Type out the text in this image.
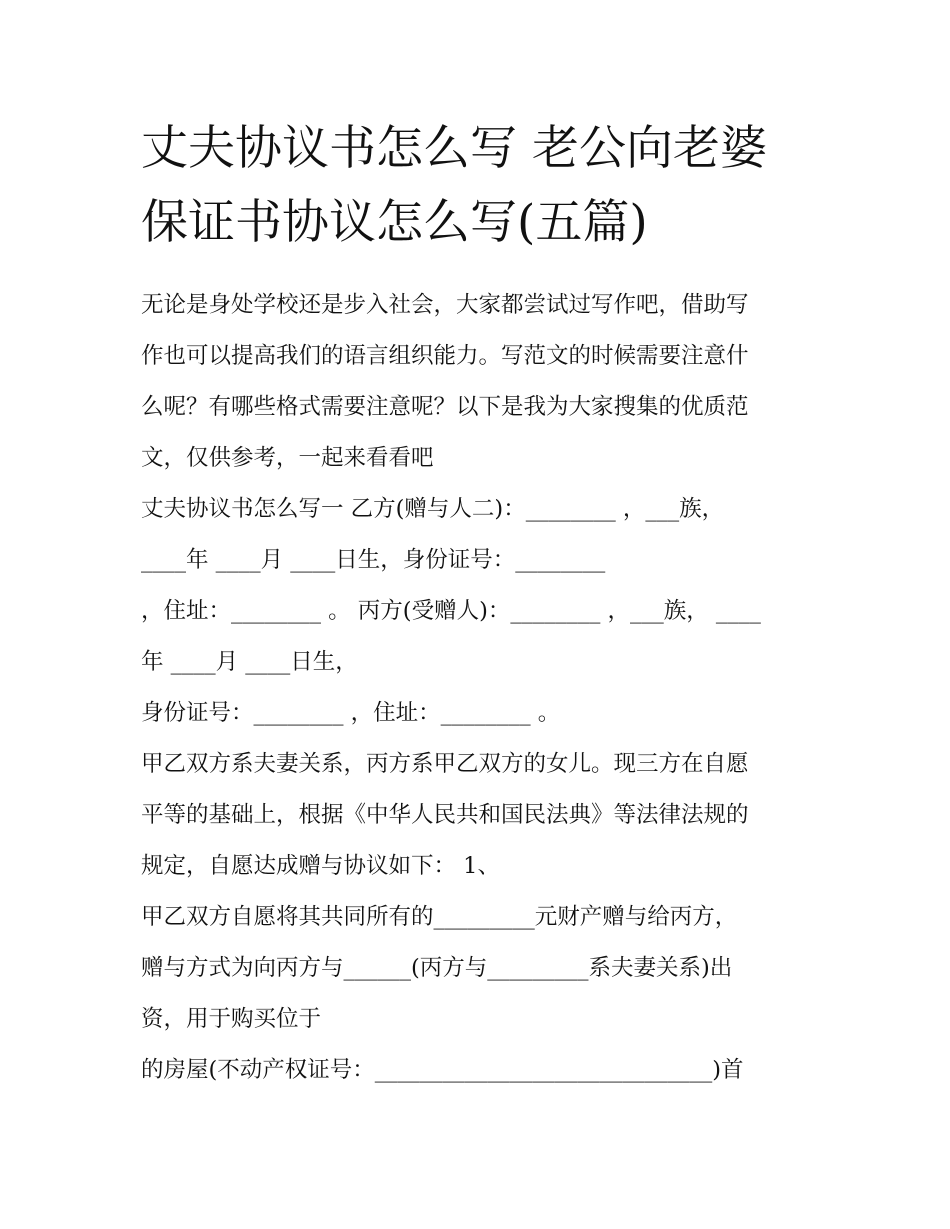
丈夫协议书怎么写 老公向老婆
保证书协议怎么写(五篇)

无论是身处学校还是步入社会，大家都尝试过写作吧，借助写
作也可以提高我们的语言组织能力。写范文的时候需要注意什
么呢？有哪些格式需要注意呢？以下是我为大家搜集的优质范
文，仅供参考，一起来看看吧

丈夫协议书怎么写一 乙方(赠与人二)：________ ，___族，
____年 ____月 ____日生，身份证号：________

，住址：________ 。 丙方(受赠人)：________ ，___族， ____
年 ____月 ____日生，

身份证号：________ ，住址：________ 。

甲乙双方系夫妻关系，丙方系甲乙双方的女儿。现三方在自愿
平等的基础上，根据《中华人民共和国民法典》等法律法规的
规定，自愿达成赠与协议如下： 1、

甲乙双方自愿将其共同所有的_________元财产赠与给丙方，
赠与方式为向丙方与______(丙方与_________系夫妻关系)出
资，用于购买位于

的房屋(不动产权证号：______________________________)首
